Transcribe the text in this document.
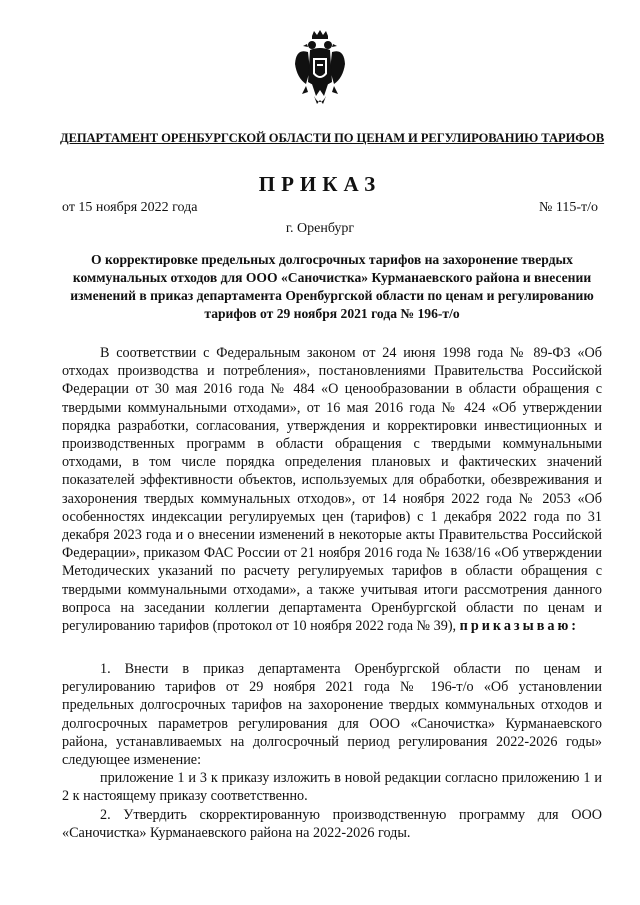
ДЕПАРТАМЕНТ ОРЕНБУРГСКОЙ ОБЛАСТИ ПО ЦЕНАМ И РЕГУЛИРОВАНИЮ ТАРИФОВ
ПРИКАЗ
от 15 ноября 2022 года	№ 115-т/о
г. Оренбург
О корректировке предельных долгосрочных тарифов на захоронение твердых коммунальных отходов для ООО «Саночистка» Курманаевского района и внесении изменений в приказ департамента Оренбургской области по ценам и регулированию тарифов от 29 ноября 2021 года № 196-т/о

В соответствии с Федеральным законом от 24 июня 1998 года № 89-ФЗ «Об отходах производства и потребления», постановлениями Правительства Российской Федерации от 30 мая 2016 года № 484 «О ценообразовании в области обращения с твердыми коммунальными отходами», от 16 мая 2016 года № 424 «Об утверждении порядка разработки, согласования, утверждения и корректировки инвестиционных и производственных программ в области обращения с твердыми коммунальными отходами, в том числе порядка определения плановых и фактических значений показателей эффективности объектов, используемых для обработки, обезвреживания и захоронения твердых коммунальных отходов», от 14 ноября 2022 года № 2053 «Об особенностях индексации регулируемых цен (тарифов) с 1 декабря 2022 года по 31 декабря 2023 года и о внесении изменений в некоторые акты Правительства Российской Федерации», приказом ФАС России от 21 ноября 2016 года № 1638/16 «Об утверждении Методических указаний по расчету регулируемых тарифов в области обращения с твердыми коммунальными отходами», а также учитывая итоги рассмотрения данного вопроса на заседании коллегии департамента Оренбургской области по ценам и регулированию тарифов (протокол от 10 ноября 2022 года № 39), приказываю:

1. Внести в приказ департамента Оренбургской области по ценам и регулированию тарифов от 29 ноября 2021 года № 196-т/о «Об установлении предельных долгосрочных тарифов на захоронение твердых коммунальных отходов и долгосрочных параметров регулирования для ООО «Саночистка» Курманаевского района, устанавливаемых на долгосрочный период регулирования 2022-2026 годы» следующее изменение:

приложение 1 и 3 к приказу изложить в новой редакции согласно приложению 1 и 2 к настоящему приказу соответственно.

2. Утвердить скорректированную производственную программу для ООО «Саночистка» Курманаевского района на 2022-2026 годы.
